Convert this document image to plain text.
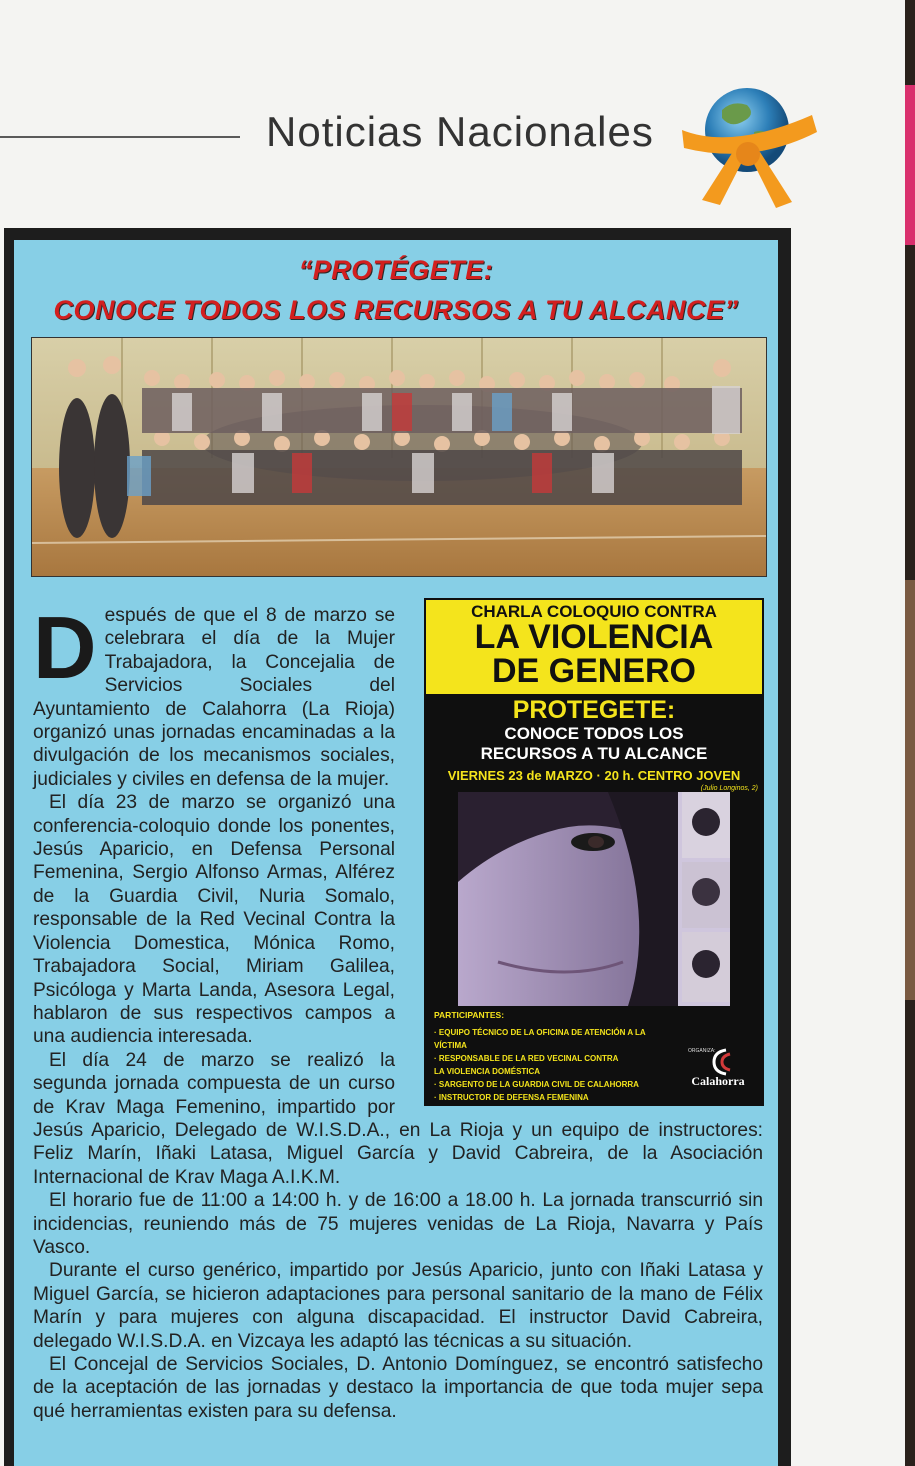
Noticias Nacionales
“PROTÉGETE:
CONOCE TODOS LOS RECURSOS A TU ALCANCE”
CHARLA COLOQUIO CONTRA
LA VIOLENCIA
DE GENERO
PROTEGETE:
CONOCE TODOS LOS
RECURSOS A TU ALCANCE
VIERNES 23 de MARZO · 20 h. CENTRO JOVEN
(Julio Longinos, 2)
PARTICIPANTES:
· EQUIPO TÉCNICO DE LA OFICINA DE ATENCIÓN A LA VÍCTIMA
· RESPONSABLE DE LA RED VECINAL CONTRA
LA VIOLENCIA DOMÉSTICA
· SARGENTO DE LA GUARDIA CIVIL DE CALAHORRA
· INSTRUCTOR DE DEFENSA FEMENINA
ORGANIZA:
Calahorra
D espués de que el 8 de marzo se celebrara el día de la Mujer Trabajadora, la Concejalia de Servicios Sociales del Ayuntamiento de Calahorra (La Rioja) organizó unas jornadas encaminadas a la divulgación de los mecanismos sociales, judiciales y civiles en defensa de la mujer.

El día 23 de marzo se organizó una conferencia-coloquio donde los ponentes, Jesús Aparicio, en Defensa Personal Femenina, Sergio Alfonso Armas, Alférez de la Guardia Civil, Nuria Somalo, responsable de la Red Vecinal Contra la Violencia Domestica, Mónica Romo, Trabajadora Social, Miriam Galilea, Psicóloga y Marta Landa, Asesora Legal, hablaron de sus respectivos campos a una audiencia interesada.

El día 24 de marzo se realizó la segunda jornada compuesta de un curso de Krav Maga Femenino, impartido por Jesús Aparicio, Delegado de W.I.S.D.A., en La Rioja y un equipo de instructores: Feliz Marín, Iñaki Latasa, Miguel García y David Cabreira, de la Asociación Internacional de Krav Maga A.I.K.M.

El horario fue de 11:00 a 14:00 h. y de 16:00 a 18.00 h. La jornada transcurrió sin incidencias, reuniendo más de 75 mujeres venidas de La Rioja, Navarra y País Vasco.

Durante el curso genérico, impartido por Jesús Aparicio, junto con Iñaki Latasa y Miguel García, se hicieron adaptaciones para personal sanitario de la mano de Félix Marín y para mujeres con alguna discapacidad. El instructor David Cabreira, delegado W.I.S.D.A. en Vizcaya les adaptó las técnicas a su situación.

El Concejal de Servicios Sociales, D. Antonio Domínguez, se encontró satisfecho de la aceptación de las jornadas y destaco la importancia de que toda mujer sepa qué herramientas existen para su defensa.
